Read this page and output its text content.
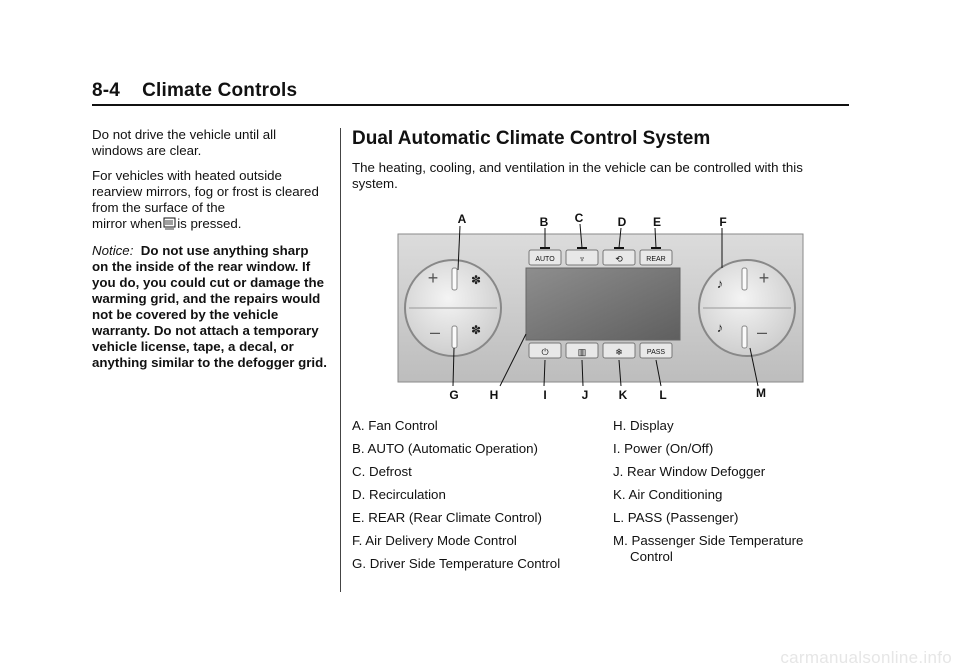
8-4 Climate Controls

Do not drive the vehicle until all windows are clear.

For vehicles with heated outside rearview mirrors, fog or frost is cleared from the surface of the
mirror when is pressed.

Notice: Do not use anything sharp on the inside of the rear window. If you do, you could cut or damage the warming grid, and the repairs would not be covered by the vehicle warranty. Do not attach a temporary vehicle license, tape, a decal, or anything similar to the defogger grid.

Dual Automatic Climate Control System
The heating, cooling, and ventilation in the vehicle can be controlled with this system.
+
–
✽
✽
+
–
♪
♪
AUTO	♆	⟲	REAR
⏻	▥	❄	PASS
A	B C	D E	F
G	H	I	J	K	L	M
A. Fan Control
B. AUTO (Automatic Operation)
C. Defrost
D. Recirculation
E. REAR (Rear Climate Control)
F. Air Delivery Mode Control
G. Driver Side Temperature Control
H. Display
I. Power (On/Off)
J. Rear Window Defogger
K. Air Conditioning
L. PASS (Passenger)
M. Passenger Side Temperature
Control
carmanualsonline.info
